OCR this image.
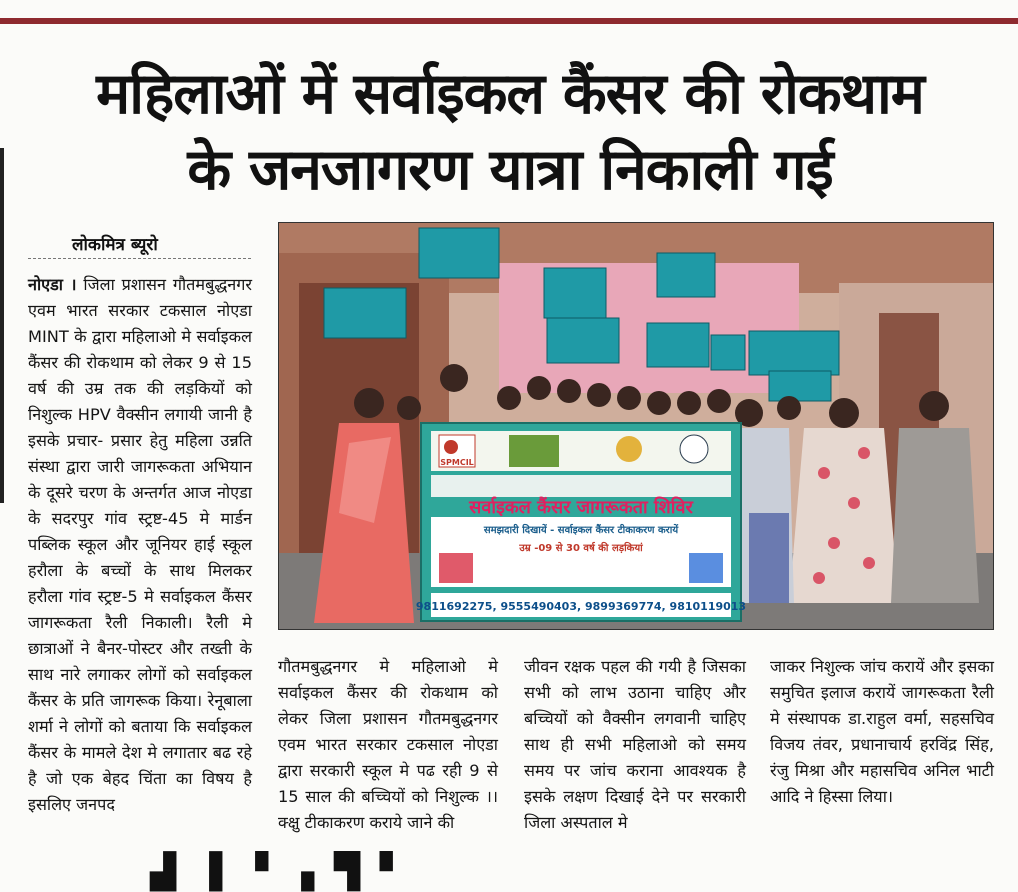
महिलाओं में सर्वाइकल कैंसर की रोकथाम
के जनजागरण यात्रा निकाली गई
लोकमित्र ब्यूरो

नोएडा । जिला प्रशासन गौतमबुद्धनगर एवम भारत सरकार टकसाल नोएडा MINT के द्वारा महिलाओ मे सर्वाइकल कैंसर की रोकथाम को लेकर 9 से 15 वर्ष की उम्र तक की लड़कियों को निशुल्क HPV वैक्सीन लगायी जानी है इसके प्रचार- प्रसार हेतु महिला उन्नति संस्था द्वारा जारी जागरूकता अभियान के दूसरे चरण के अन्तर्गत आज नोएडा के सदरपुर गांव स्ट्रष्ट-45 मे मार्डन पब्लिक स्कूल और जूनियर हाई स्कूल हरौला के बच्चों के साथ मिलकर हरौला गांव स्ट्रष्ट-5 मे सर्वाइकल कैंसर जागरूकता रैली निकाली। रैली मे छात्राओं ने बैनर-पोस्टर और तख्ती के साथ नारे लगाकर लोगों को सर्वाइकल कैंसर के प्रति जागरूक किया। रेनूबाला शर्मा ने लोगों को बताया कि सर्वाइकल कैंसर के मामले देश मे लगातार बढ रहे है जो एक बेहद चिंता का विषय है इसलिए जनपद

SPMCIL
सर्वाइकल कैंसर जागरूकता शिविर
समझदारी दिखायें - सर्वाइकल कैंसर टीकाकरण करायें
उम्र -09 से 30 वर्ष की लड़कियां
9811692275, 9555490403, 9899369774, 9810119013

गौतमबुद्धनगर मे महिलाओ मे सर्वाइकल कैंसर की रोकथाम को लेकर जिला प्रशासन गौतमबुद्धनगर एवम भारत सरकार टकसाल नोएडा द्वारा सरकारी स्कूल मे पढ रही 9 से 15 साल की बच्चियों को निशुल्क ।।क्क्षु टीकाकरण कराये जाने की

जीवन रक्षक पहल की गयी है जिसका सभी को लाभ उठाना चाहिए और बच्चियों को वैक्सीन लगवानी चाहिए साथ ही सभी महिलाओ को समय समय पर जांच कराना आवश्यक है इसके लक्षण दिखाई देने पर सरकारी जिला अस्पताल मे

जाकर निशुल्क जांच करायें और इसका समुचित इलाज करायें जागरूकता रैली मे संस्थापक डा.राहुल वर्मा, सहसचिव विजय तंवर, प्रधानाचार्य हरविंद्र सिंह, रंजु मिश्रा और महासचिव अनिल भाटी आदि ने हिस्सा लिया।

▟ ▐ ▝ ▗ ▜ ▘
